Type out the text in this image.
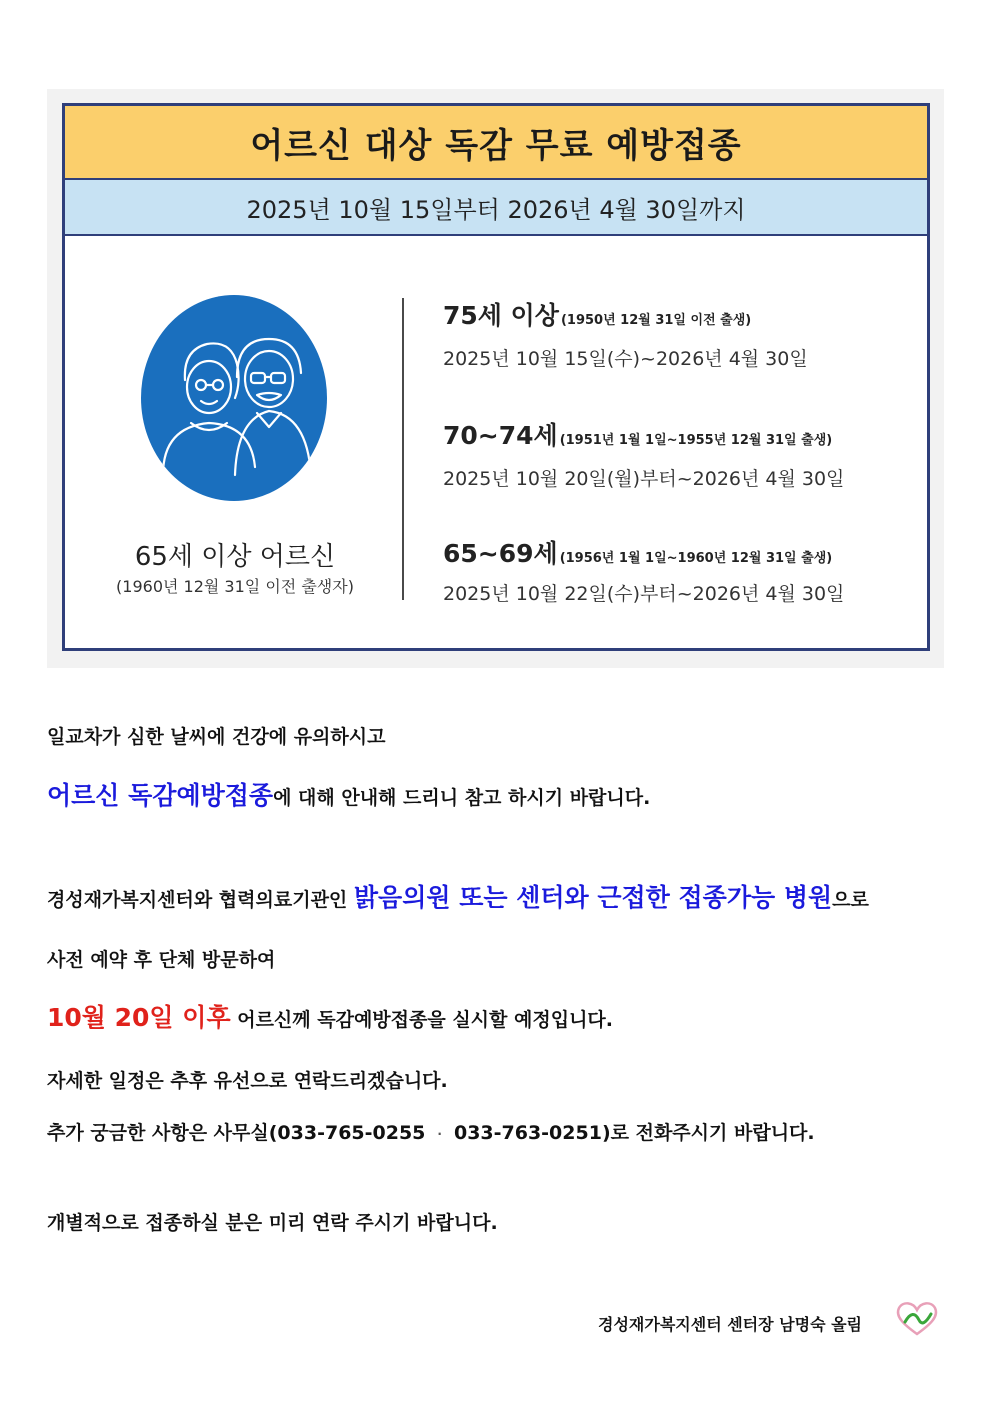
어르신 대상 독감 무료 예방접종
2025년 10월 15일부터 2026년 4월 30일까지
65세 이상 어르신
(1960년 12월 31일 이전 출생자)
75세 이상 (1950년 12월 31일 이전 출생)
2025년 10월 15일(수)~2026년 4월 30일
70~74세 (1951년 1월 1일~1955년 12월 31일 출생)
2025년 10월 20일(월)부터~2026년 4월 30일
65~69세 (1956년 1월 1일~1960년 12월 31일 출생)
2025년 10월 22일(수)부터~2026년 4월 30일
일교차가 심한 날씨에 건강에 유의하시고
어르신 독감예방접종에 대해 안내해 드리니 참고 하시기 바랍니다.
경성재가복지센터와 협력의료기관인 밝음의원 또는 센터와 근접한 접종가능 병원으로
사전 예약 후 단체 방문하여
10월 20일 이후 어르신께 독감예방접종을 실시할 예정입니다.
자세한 일정은 추후 유선으로 연락드리겠습니다.
추가 궁금한 사항은 사무실(033-765-0255 · 033-763-0251)로 전화주시기 바랍니다.
개별적으로 접종하실 분은 미리 연락 주시기 바랍니다.
경성재가복지센터 센터장 남명숙 올림
